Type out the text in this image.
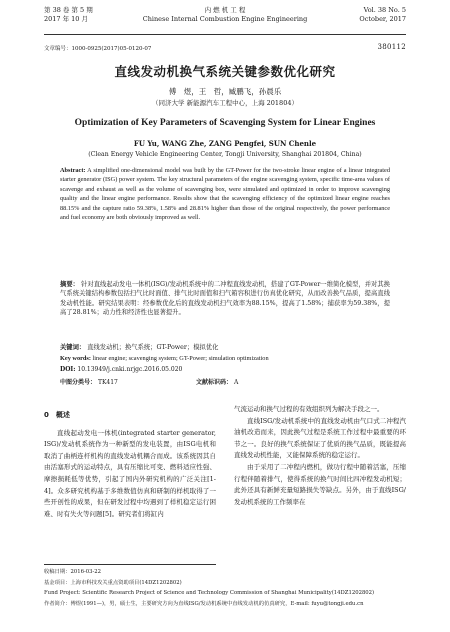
第 38 卷 第 5 期
2017 年 10 月
内 燃 机 工 程
Chinese Internal Combustion Engine Engineering
Vol. 38 No. 5
October, 2017
文章编号：1000-0925(2017)05-0120-07	380112
直线发动机换气系统关键参数优化研究
傅　煜，王　哲，臧鹏飞，孙晨乐
（同济大学 新能源汽车工程中心，上海 201804）
Optimization of Key Parameters of Scavenging System for Linear Engines
FU Yu, WANG Zhe, ZANG Pengfei, SUN Chenle
(Clean Energy Vehicle Engineering Center, Tongji University, Shanghai 201804, China)
Abstract: A simplified one-dimensional model was built by the GT-Power for the two-stroke linear engine of a linear integrated starter generator (ISG) power system. The key structural parameters of the engine scavenging system, specific time-area values of scavenge and exhaust as well as the volume of scavenging box, were simulated and optimized in order to improve scavenging quality and the linear engine performance. Results show that the scavenging efficiency of the optimized linear engine reaches 88.15% and the capture ratio 59.38%, 1.58% and 28.81% higher than those of the original respectively, the power performance and fuel economy are both obviously improved as well.
摘要： 针对直线起动发电一体机(ISG)/发动机系统中的二冲程直线发动机，搭建了GT-Power一维简化模型，并对其换气系统关键结构参数包括扫气比时面值、排气比时面值和扫气箱容积进行仿真优化研究，从而改善换气品质，提高直线发动机性能。研究结果表明：经参数优化后的直线发动机扫气效率为88.15%，提高了1.58%；捕获率为59.38%，提高了28.81%；动力性和经济性也显著提升。
关键词： 直线发动机；换气系统；GT-Power；模拟优化
Key words: linear engine; scavenging system; GT-Power; simulation optimization
DOI: 10.13949/j.cnki.nrjgc.2016.05.020
中图分类号： TK417	文献标识码： A
0　概述

直线起动发电一体机(integrated starter generator, ISG)/发动机系统作为一种新型的发电装置，由ISG电机和取消了曲柄连杆机构的直线发动机耦合而成。该系统因其自由活塞形式的运动特点，具有压缩比可变、燃料适应性强、摩擦损耗低等优势，引起了国内外研究机构的广泛关注[1-4]。众多研究机构基于多维数值仿真和研制的样机取得了一些开创性的成果，但在研发过程中均遇到了样机稳定运行困难、时有失火等问题[5]。研究者们将缸内

气流运动和换气过程的有效组织列为解决手段之一。

直线ISG/发动机系统中的直线发动机由气口式二冲程汽油机改造而来，因此换气过程是系统工作过程中最重要的环节之一。良好的换气系统保证了优质的换气品质，既能提高直线发动机性能，又能保障系统的稳定运行。

由于采用了二冲程内燃机，做功行程中随着活塞，压缩行程伴随着排气，使得系统的换气时间比四冲程发动机短；此外还具有新鲜充量短路损失等缺点。另外，由于直线ISG/发动机系统的工作频率在

收稿日期：2016-03-22
基金项目：上海市科技攻关重点资助项目(14DZ1202802)
Fund Project: Scientific Research Project of Science and Technology Commission of Shanghai Municipality(14DZ1202802)
作者简介：傅煜(1991—)，男，硕士生，主要研究方向为直线ISG/发动机系统中直线发动机的仿真研究，E-mail: fuyu@tongji.edu.cn
